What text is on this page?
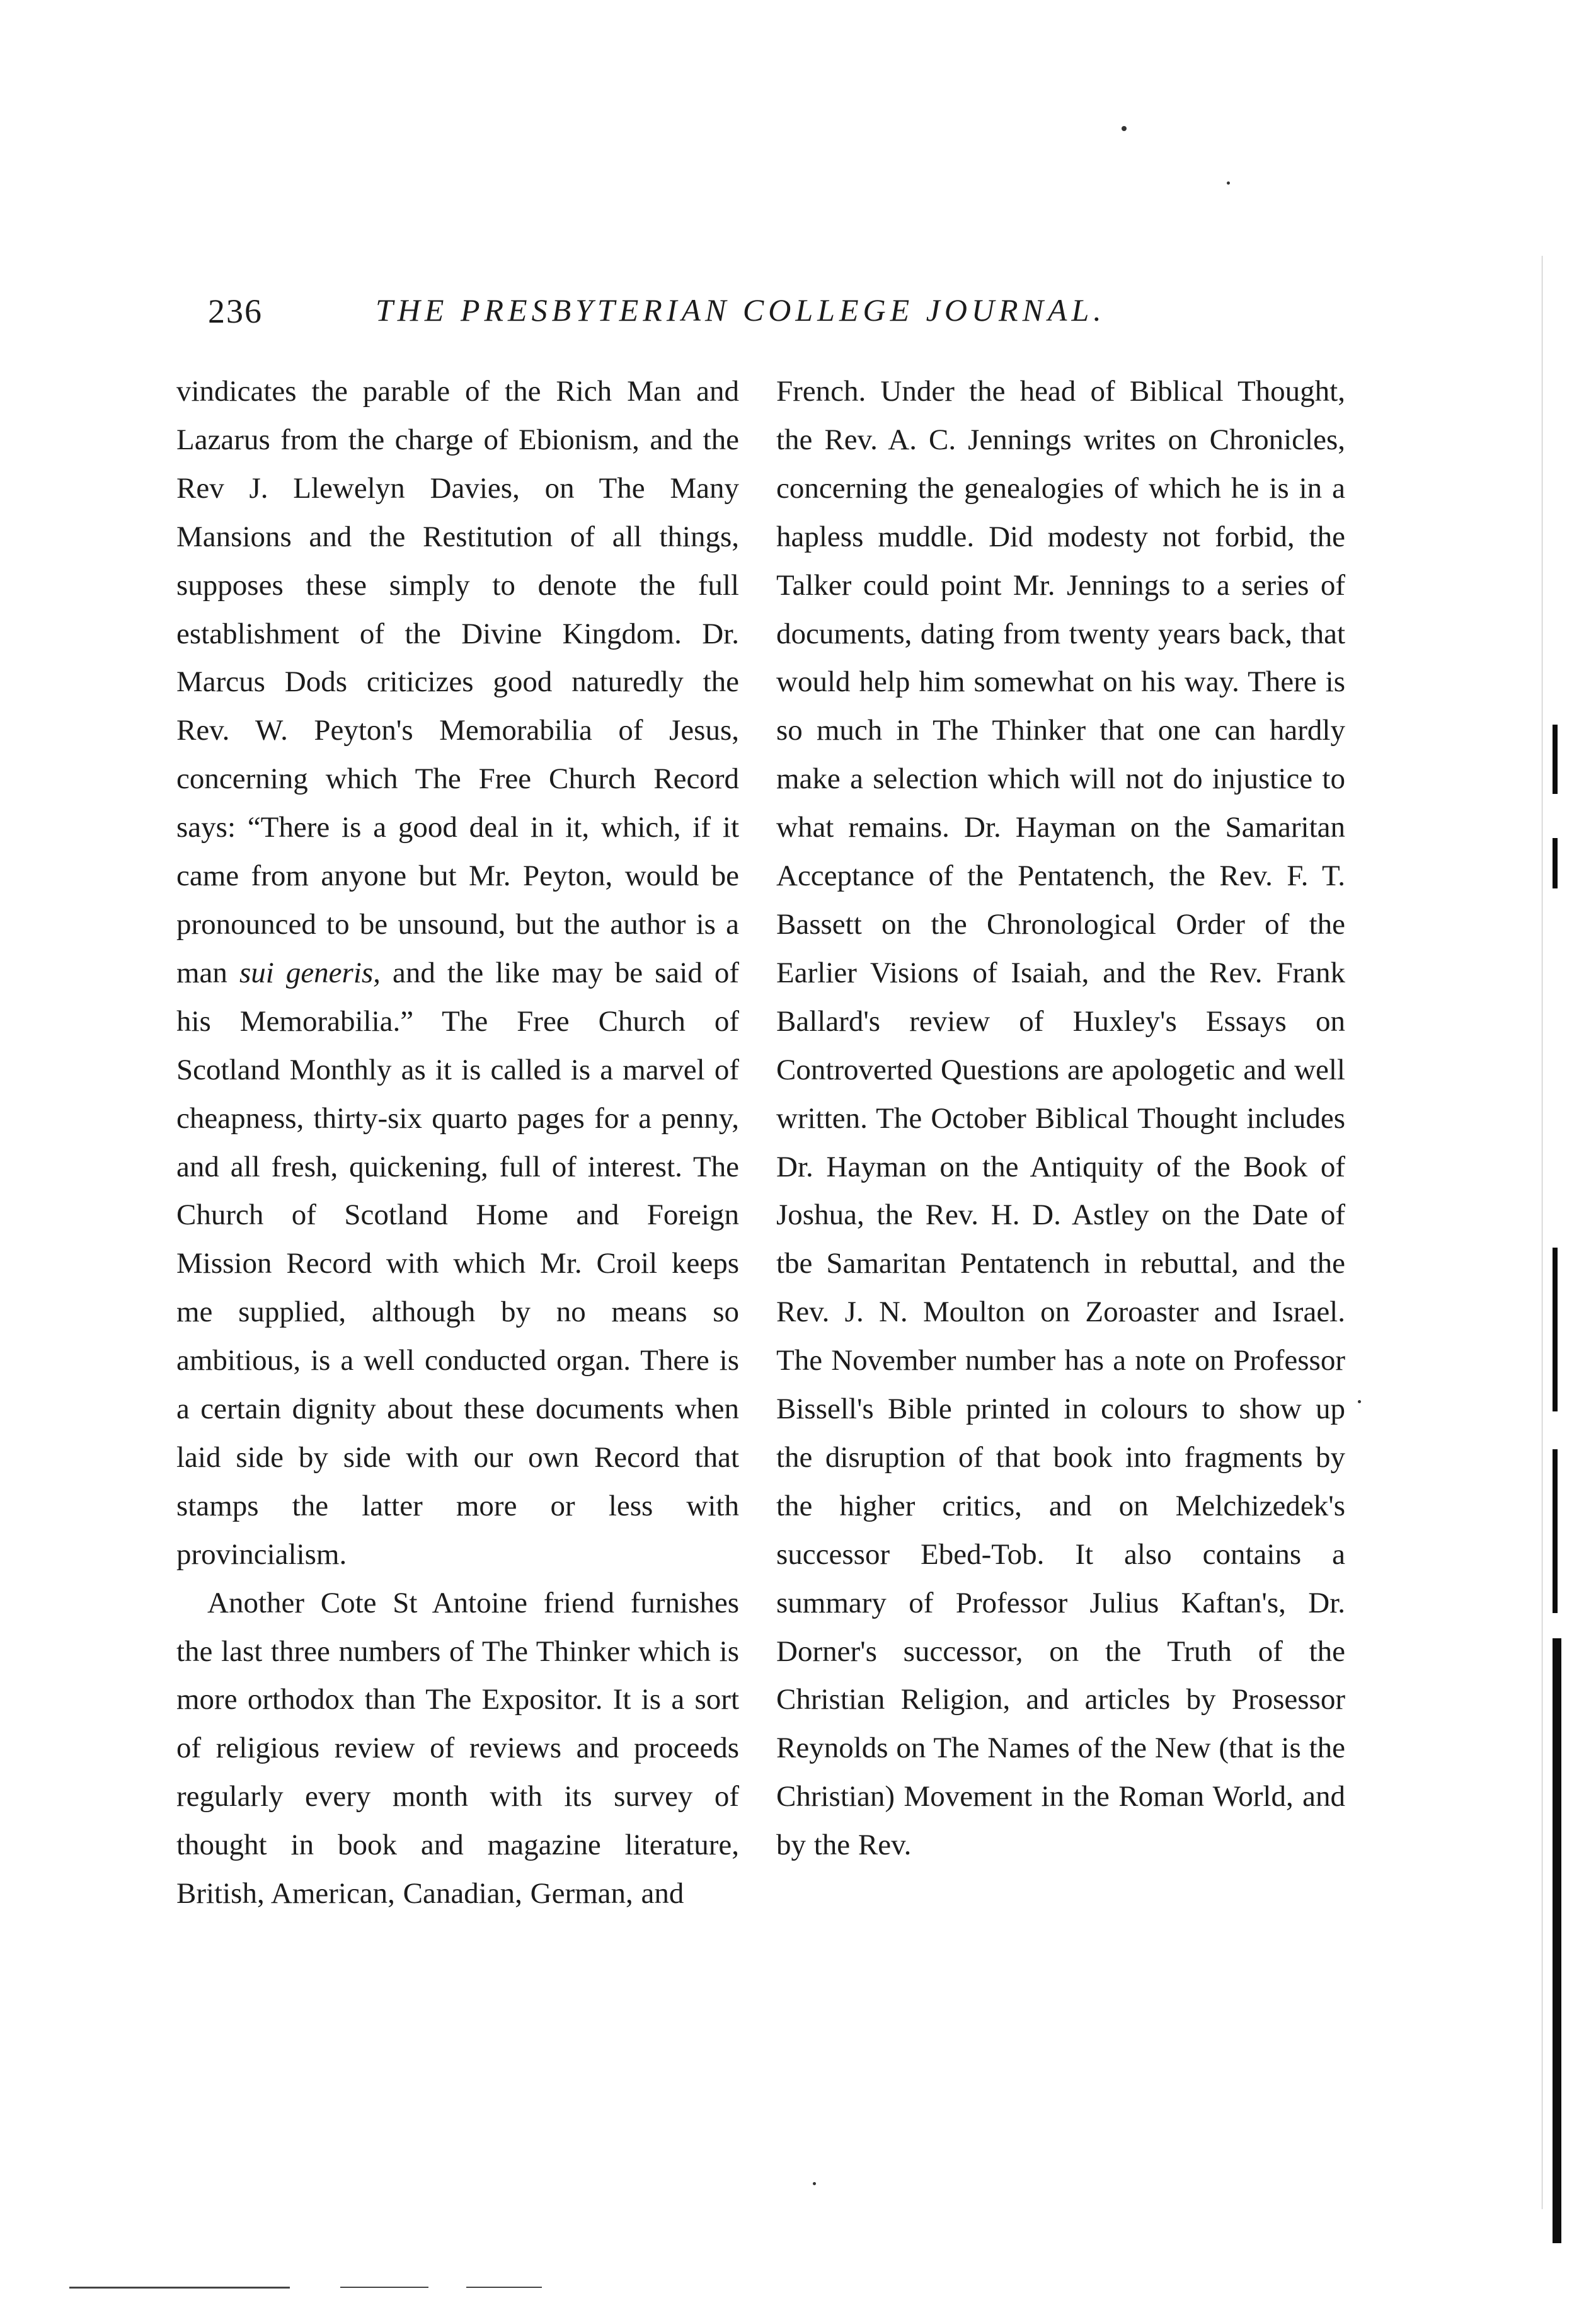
236	THE PRESBYTERIAN COLLEGE JOURNAL.

vindicates the parable of the Rich Man and Lazarus from the charge of Ebionism, and the Rev J. Llewelyn Davies, on The Many Mansions and the Restitution of all things, supposes these simply to denote the full establishment of the Divine Kingdom. Dr. Marcus Dods criticizes good naturedly the Rev. W. Peyton's Memorabilia of Jesus, concerning which The Free Church Record says: “There is a good deal in it, which, if it came from anyone but Mr. Peyton, would be pronounced to be unsound, but the author is a man sui generis, and the like may be said of his Memorabilia.” The Free Church of Scotland Monthly as it is called is a marvel of cheapness, thirty-six quarto pages for a penny, and all fresh, quickening, full of interest. The Church of Scotland Home and Foreign Mission Record with which Mr. Croil keeps me supplied, although by no means so ambitious, is a well conducted organ. There is a certain dignity about these documents when laid side by side with our own Record that stamps the latter more or less with provincialism.

Another Cote St Antoine friend furnishes the last three numbers of The Thinker which is more orthodox than The Expositor. It is a sort of religious review of reviews and proceeds regularly every month with its survey of thought in book and magazine literature, British, American, Canadian, German, and

French. Under the head of Biblical Thought, the Rev. A. C. Jennings writes on Chronicles, concerning the genealogies of which he is in a hapless muddle. Did modesty not forbid, the Talker could point Mr. Jennings to a series of documents, dating from twenty years back, that would help him somewhat on his way. There is so much in The Thinker that one can hardly make a selection which will not do injustice to what remains. Dr. Hayman on the Samaritan Acceptance of the Pentatench, the Rev. F. T. Bassett on the Chronological Order of the Earlier Visions of Isaiah, and the Rev. Frank Ballard's review of Huxley's Essays on Controverted Questions are apologetic and well written. The October Biblical Thought includes Dr. Hayman on the Antiquity of the Book of Joshua, the Rev. H. D. Astley on the Date of tbe Samaritan Pentatench in rebuttal, and the Rev. J. N. Moulton on Zoroaster and Israel. The November number has a note on Professor Bissell's Bible printed in colours to show up the disruption of that book into fragments by the higher critics, and on Melchizedek's successor Ebed-Tob. It also contains a summary of Professor Julius Kaftan's, Dr. Dorner's successor, on the Truth of the Christian Religion, and articles by Prosessor Reynolds on The Names of the New (that is the Christian) Movement in the Roman World, and by the Rev.
